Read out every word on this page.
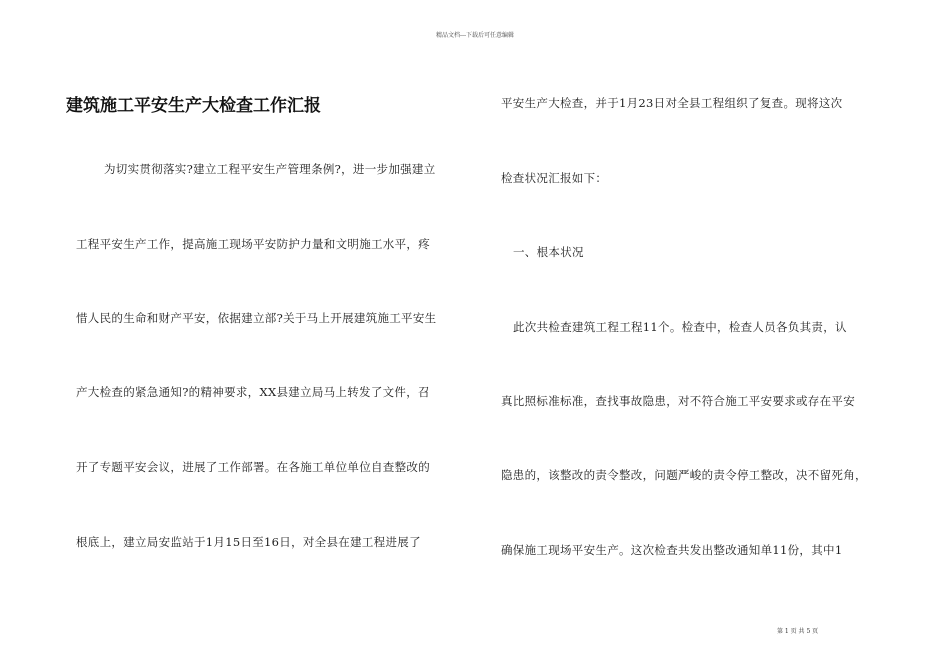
精品文档---下载后可任意编辑
建筑施工平安生产大检查工作汇报
为切实贯彻落实?建立工程平安生产管理条例?，进一步加强建立
工程平安生产工作，提高施工现场平安防护力量和文明施工水平，疼
惜人民的生命和财产平安，依据建立部?关于马上开展建筑施工平安生
产大检查的紧急通知?的精神要求，XX县建立局马上转发了文件，召
开了专题平安会议，进展了工作部署。在各施工单位单位自查整改的
根底上，建立局安监站于1月15日至16日，对全县在建工程进展了
平安生产大检查，并于1月23日对全县工程组织了复查。现将这次
检查状况汇报如下：
一、根本状况
此次共检查建筑工程工程11个。检查中，检查人员各负其责，认
真比照标准标准，查找事故隐患，对不符合施工平安要求或存在平安
隐患的，该整改的责令整改，问题严峻的责令停工整改，决不留死角，
确保施工现场平安生产。这次检查共发出整改通知单11份，其中1
第 1 页 共 5 页
